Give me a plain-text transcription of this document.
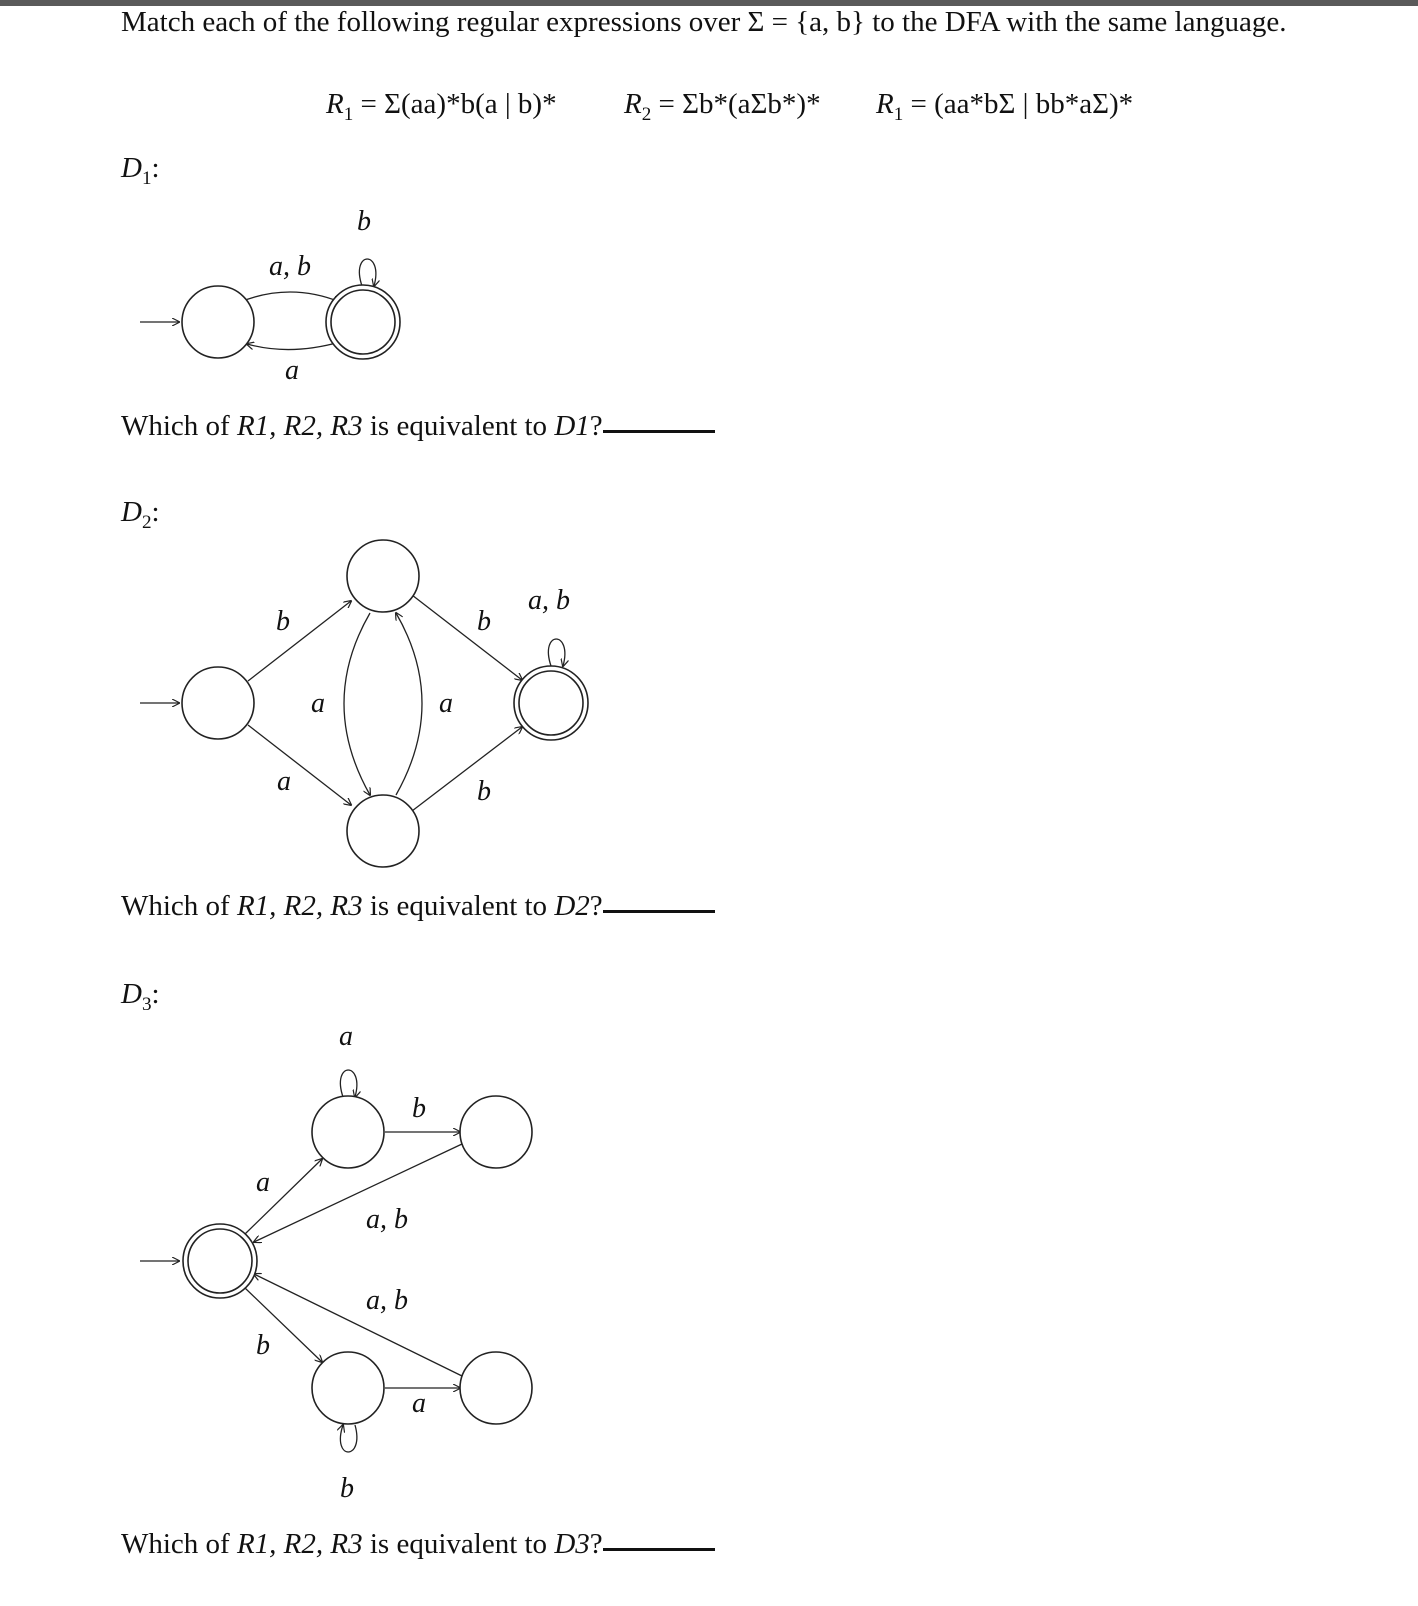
Match each of the following regular expressions over Σ = {a, b} to the DFA with the same language.
$R_1 = \Sigma(aa)*b(a$ | b)* $R_2 = \Sigma b*(a\Sigma b*)*$ $R_1 = (aa*b\Sigma$ | bb*aΣ)*
$D_1$:
a, b
a
b
b
a
a	a
b
b
a, b
a
a
b
a, b
a, b
b
a
b
Which of R1, R2, R3 is equivalent to D1?
$D_2$:
Which of R1, R2, R3 is equivalent to D2?
$D_3$:
Which of R1, R2, R3 is equivalent to D3?
